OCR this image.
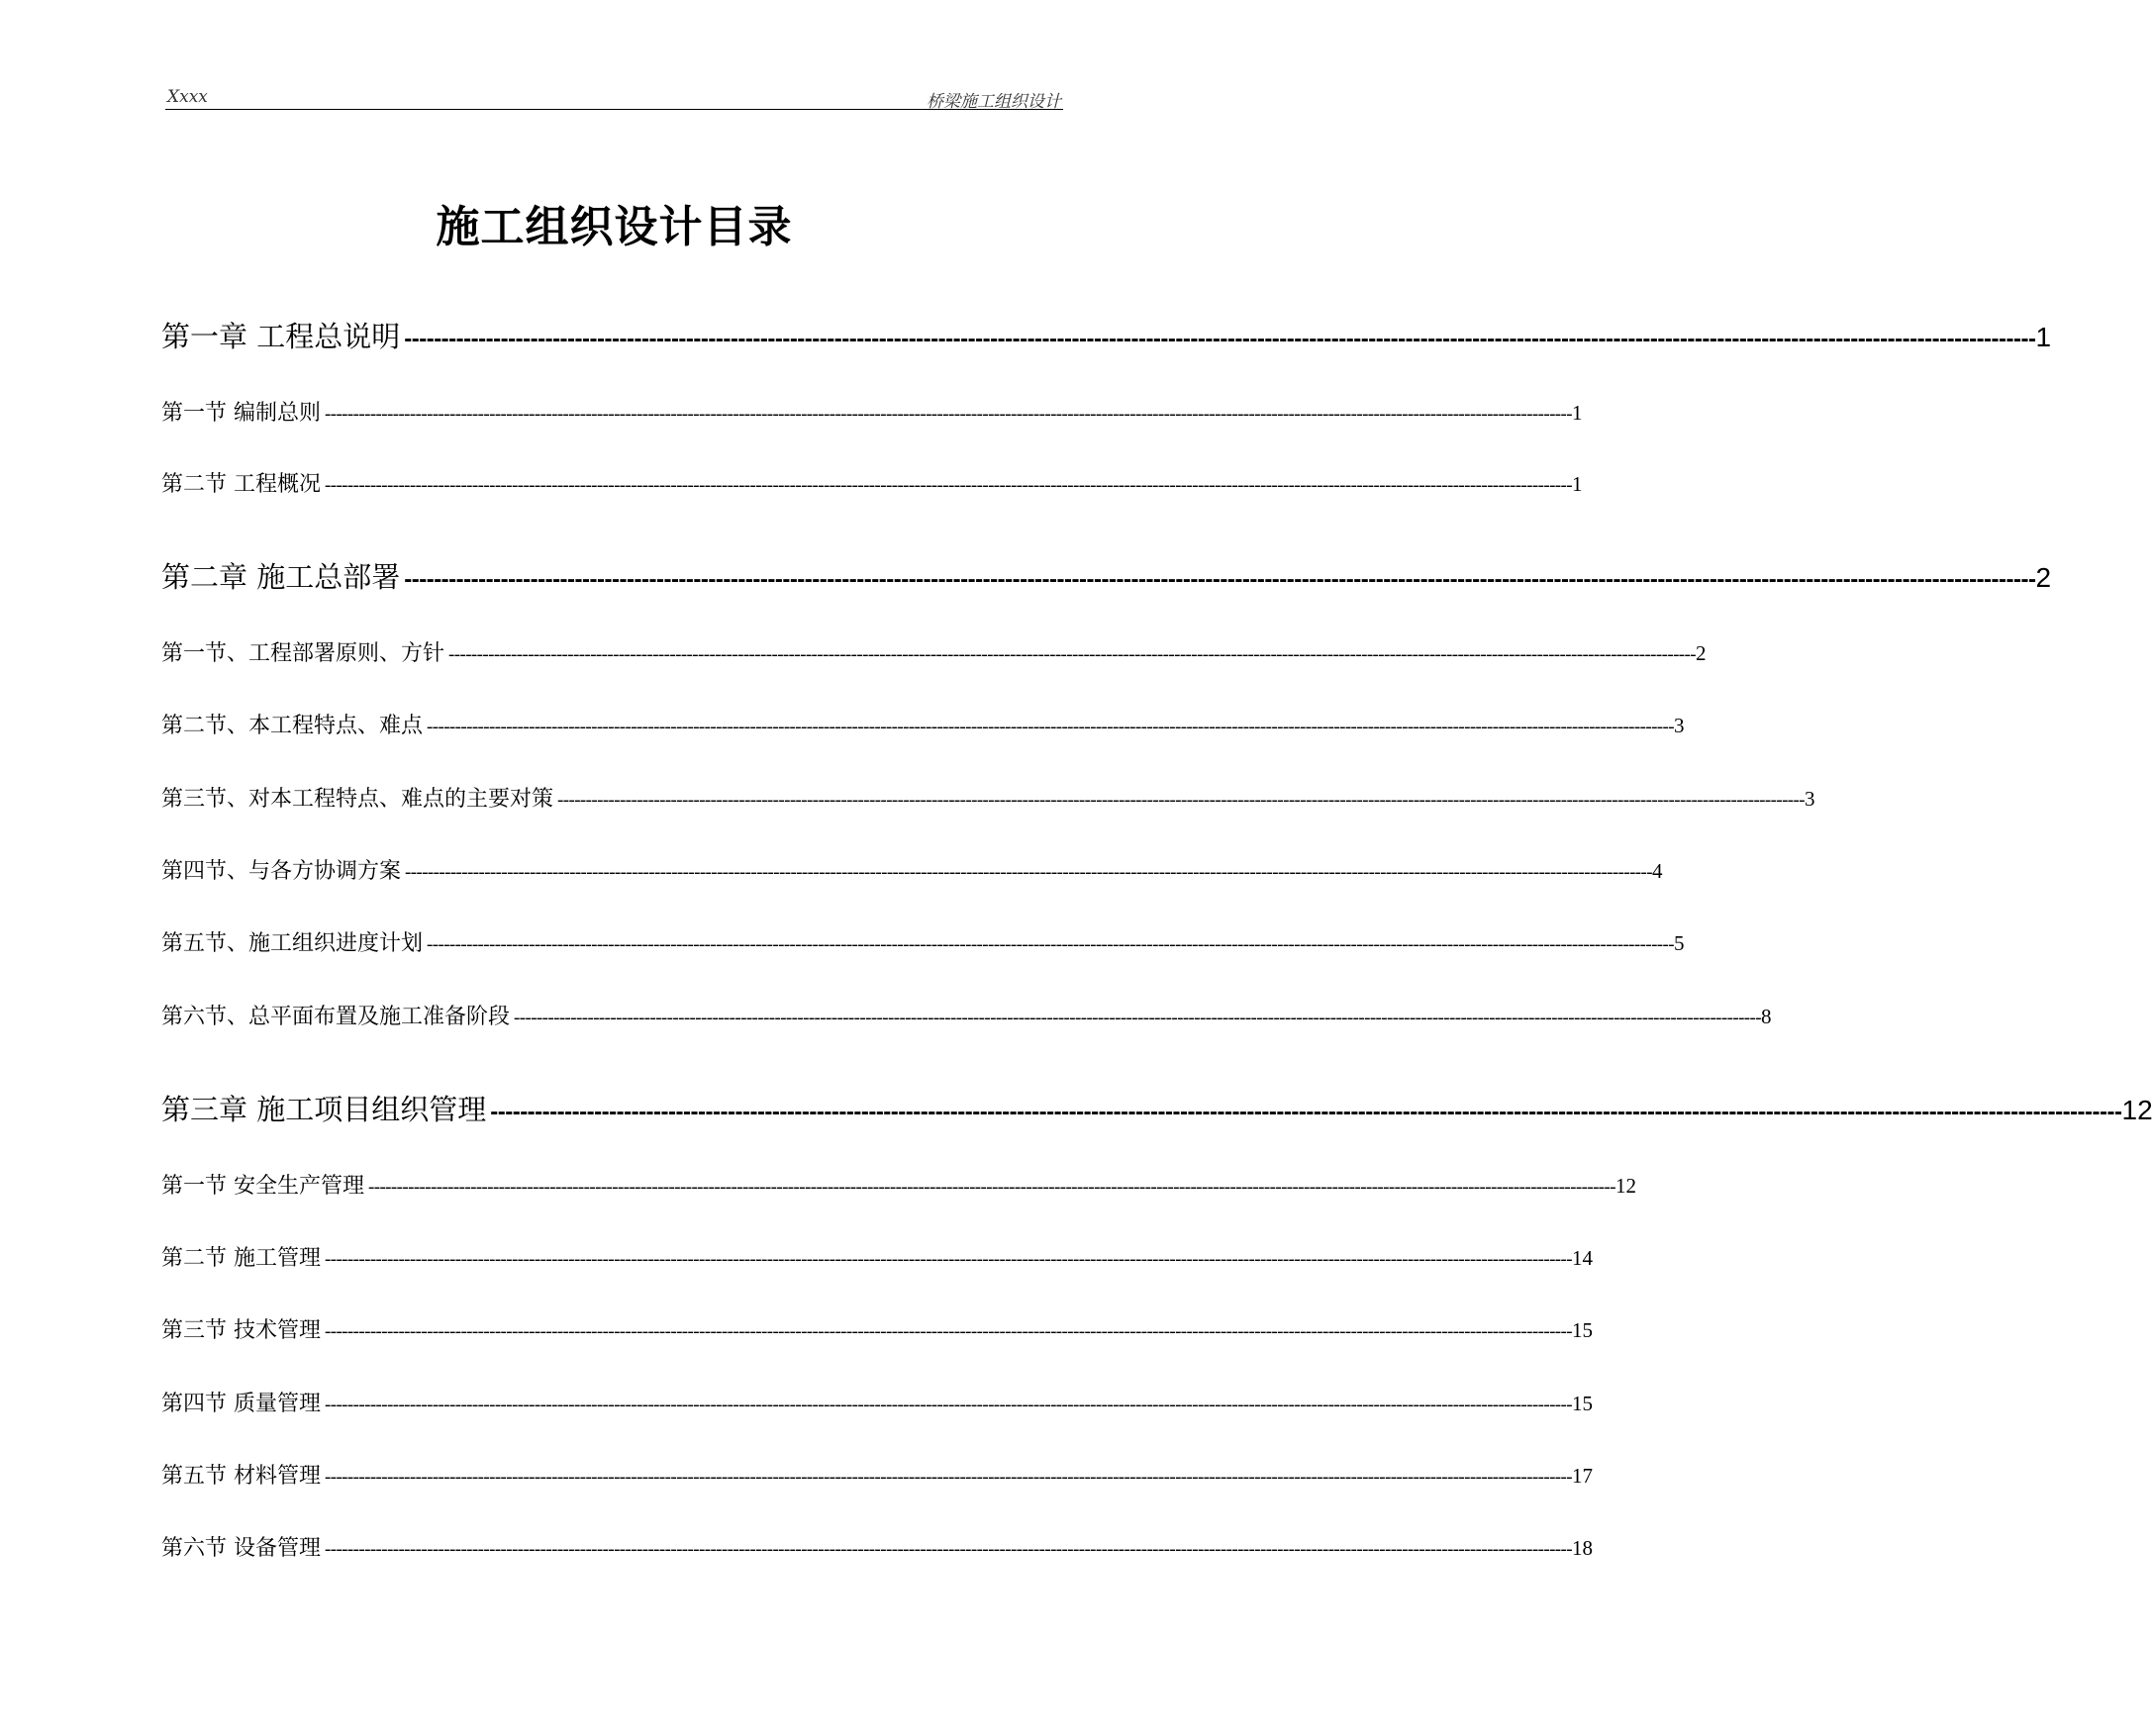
Xxxx	桥梁施工组织设计
施工组织设计目录
第一章 工程总说明 ---------------------------------------------------------------------------------------------------------------------------------------------------------------------------------------------------------------------------- 1
第一节 编制总则 ---------------------------------------------------------------------------------------------------------------------------------------------------------------------------------------------------------------------------- 1
第二节 工程概况 ---------------------------------------------------------------------------------------------------------------------------------------------------------------------------------------------------------------------------- 1
第二章 施工总部署 ---------------------------------------------------------------------------------------------------------------------------------------------------------------------------------------------------------------------------- 2
第一节、工程部署原则、方针 ---------------------------------------------------------------------------------------------------------------------------------------------------------------------------------------------------------------------------- 2
第二节、本工程特点、难点 ---------------------------------------------------------------------------------------------------------------------------------------------------------------------------------------------------------------------------- 3
第三节、对本工程特点、难点的主要对策 ---------------------------------------------------------------------------------------------------------------------------------------------------------------------------------------------------------------------------- 3
第四节、与各方协调方案 ---------------------------------------------------------------------------------------------------------------------------------------------------------------------------------------------------------------------------- 4
第五节、施工组织进度计划 ---------------------------------------------------------------------------------------------------------------------------------------------------------------------------------------------------------------------------- 5
第六节、总平面布置及施工准备阶段 ---------------------------------------------------------------------------------------------------------------------------------------------------------------------------------------------------------------------------- 8
第三章 施工项目组织管理 ---------------------------------------------------------------------------------------------------------------------------------------------------------------------------------------------------------------------------- 12
第一节 安全生产管理 ---------------------------------------------------------------------------------------------------------------------------------------------------------------------------------------------------------------------------- 12
第二节 施工管理 ---------------------------------------------------------------------------------------------------------------------------------------------------------------------------------------------------------------------------- 14
第三节 技术管理 ---------------------------------------------------------------------------------------------------------------------------------------------------------------------------------------------------------------------------- 15
第四节 质量管理 ---------------------------------------------------------------------------------------------------------------------------------------------------------------------------------------------------------------------------- 15
第五节 材料管理 ---------------------------------------------------------------------------------------------------------------------------------------------------------------------------------------------------------------------------- 17
第六节 设备管理 ---------------------------------------------------------------------------------------------------------------------------------------------------------------------------------------------------------------------------- 18
